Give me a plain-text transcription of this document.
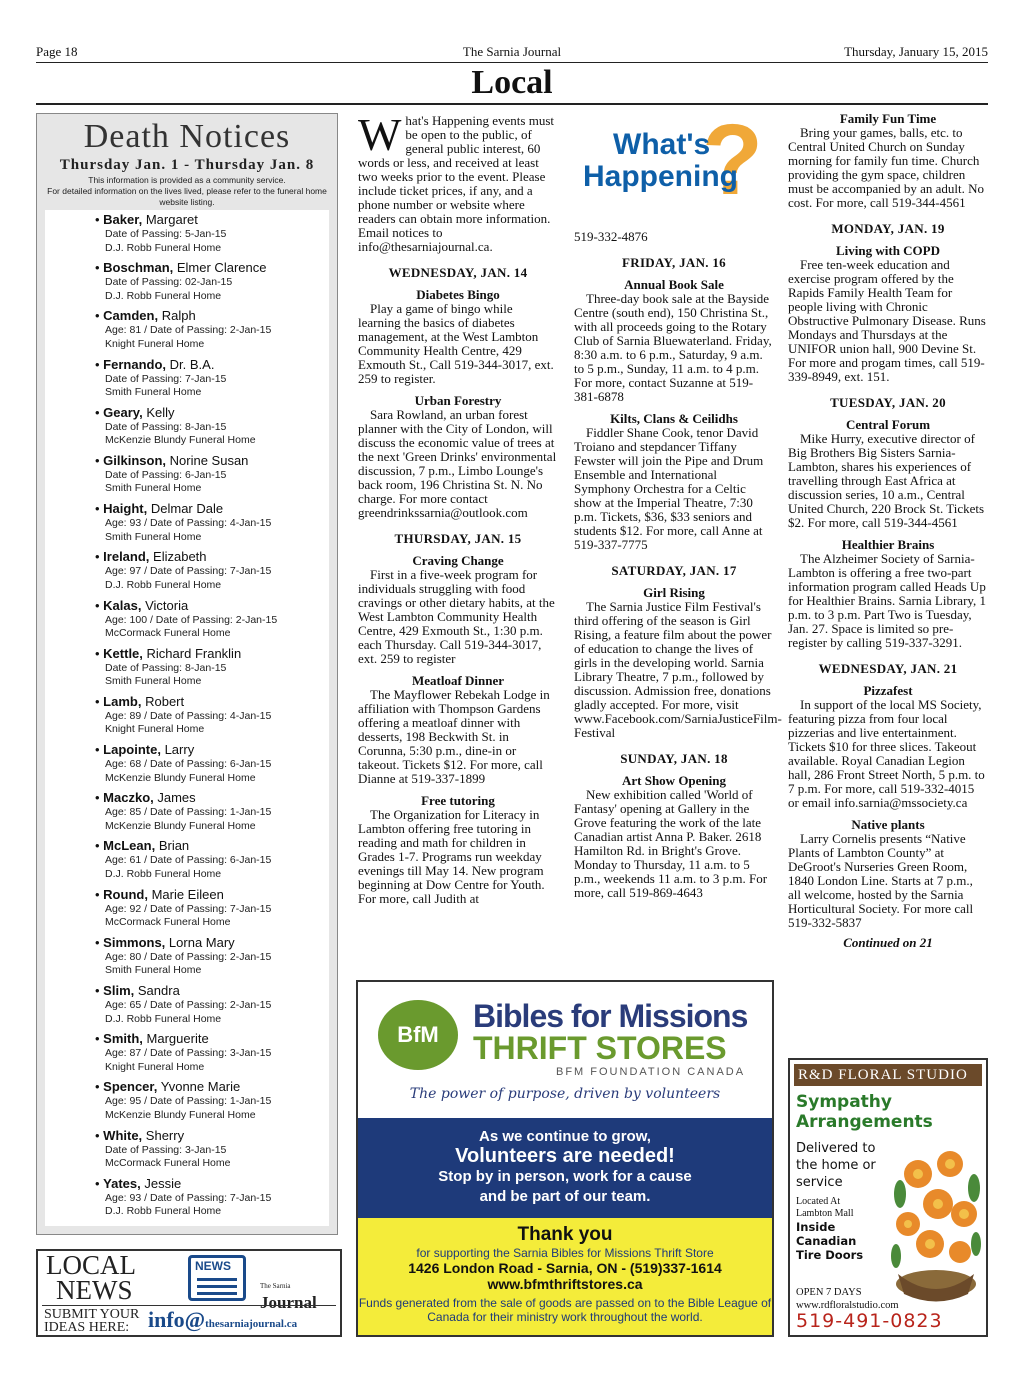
Page 18	The Sarnia Journal	Thursday, January 15, 2015
Local
Death Notices
Thursday Jan. 1 - Thursday Jan. 8
This information is provided as a community service.
For detailed information on the lives lived, please refer to the funeral home website listing.
• Baker, Margaret
Date of Passing: 5-Jan-15
D.J. Robb Funeral Home
• Boschman, Elmer Clarence
Date of Passing: 02-Jan-15
D.J. Robb Funeral Home
• Camden, Ralph
Age: 81 / Date of Passing: 2-Jan-15
Knight Funeral Home
• Fernando, Dr. B.A.
Date of Passing: 7-Jan-15
Smith Funeral Home
• Geary, Kelly
Date of Passing: 8-Jan-15
McKenzie Blundy Funeral Home
• Gilkinson, Norine Susan
Date of Passing: 6-Jan-15
Smith Funeral Home
• Haight, Delmar Dale
Age: 93 / Date of Passing: 4-Jan-15
Smith Funeral Home
• Ireland, Elizabeth
Age: 97 / Date of Passing: 7-Jan-15
D.J. Robb Funeral Home
• Kalas, Victoria
Age: 100 / Date of Passing: 2-Jan-15
McCormack Funeral Home
• Kettle, Richard Franklin
Date of Passing: 8-Jan-15
Smith Funeral Home
• Lamb, Robert
Age: 89 / Date of Passing: 4-Jan-15
Knight Funeral Home
• Lapointe, Larry
Age: 68 / Date of Passing: 6-Jan-15
McKenzie Blundy Funeral Home
• Maczko, James
Age: 85 / Date of Passing: 1-Jan-15
McKenzie Blundy Funeral Home
• McLean, Brian
Age: 61 / Date of Passing: 6-Jan-15
D.J. Robb Funeral Home
• Round, Marie Eileen
Age: 92 / Date of Passing: 7-Jan-15
McCormack Funeral Home
• Simmons, Lorna Mary
Age: 80 / Date of Passing: 2-Jan-15
Smith Funeral Home
• Slim, Sandra
Age: 65 / Date of Passing: 2-Jan-15
D.J. Robb Funeral Home
• Smith, Marguerite
Age: 87 / Date of Passing: 3-Jan-15
Knight Funeral Home
• Spencer, Yvonne Marie
Age: 95 / Date of Passing: 1-Jan-15
McKenzie Blundy Funeral Home
• White, Sherry
Date of Passing: 3-Jan-15
McCormack Funeral Home
• Yates, Jessie
Age: 93 / Date of Passing: 7-Jan-15
D.J. Robb Funeral Home
LOCAL
NEWS
NEWS
The Sarnia Journal
SUBMIT YOUR IDEAS HERE: info@thesarniajournal.ca

What's Happening events must be open to the public, of general public interest, 60 words or less, and received at least two weeks prior to the event. Please include ticket prices, if any, and a phone number or website where readers can obtain more information. Email notices to info@thesarniajournal.ca.

WEDNESDAY, JAN. 14
Diabetes Bingo

Play a game of bingo while learning the basics of diabetes management, at the West Lambton Community Health Centre, 429 Exmouth St., Call 519-344-3017, ext. 259 to register.

Urban Forestry

Sara Rowland, an urban forest planner with the City of London, will discuss the economic value of trees at the next 'Green Drinks' environmental discussion, 7 p.m., Limbo Lounge's back room, 196 Christina St. N. No charge. For more contact greendrinkssarnia@outlook.com

THURSDAY, JAN. 15
Craving Change

First in a five-week program for individuals struggling with food cravings or other dietary habits, at the West Lambton Community Health Centre, 429 Exmouth St., 1:30 p.m. each Thursday. Call 519-344-3017, ext. 259 to register

Meatloaf Dinner

The Mayflower Rebekah Lodge in affiliation with Thompson Gardens offering a meatloaf dinner with desserts, 198 Beckwith St. in Corunna, 5:30 p.m., dine-in or takeout. Tickets $12. For more, call Dianne at 519-337-1899

Free tutoring

The Organization for Literacy in Lambton offering free tutoring in reading and math for children in Grades 1-7. Programs run weekday evenings till May 14. New program beginning at Dow Centre for Youth. For more, call Judith at

?
What's
Happening

519-332-4876

FRIDAY, JAN. 16
Annual Book Sale

Three-day book sale at the Bayside Centre (south end), 150 Christina St., with all proceeds going to the Rotary Club of Sarnia Bluewaterland. Friday, 8:30 a.m. to 6 p.m., Saturday, 9 a.m. to 5 p.m., Sunday, 11 a.m. to 4 p.m. For more, contact Suzanne at 519-381-6878

Kilts, Clans & Ceilidhs

Fiddler Shane Cook, tenor David Troiano and stepdancer Tiffany Fewster will join the Pipe and Drum Ensemble and International Symphony Orchestra for a Celtic show at the Imperial Theatre, 7:30 p.m. Tickets, $36, $33 seniors and students $12. For more, call Anne at 519-337-7775

SATURDAY, JAN. 17
Girl Rising

The Sarnia Justice Film Festival's third offering of the season is Girl Rising, a feature film about the power of education to change the lives of girls in the developing world. Sarnia Library Theatre, 7 p.m., followed by discussion. Admission free, donations gladly accepted. For more, visit www.Facebook.com/SarniaJusticeFilm-Festival

SUNDAY, JAN. 18
Art Show Opening

New exhibition called 'World of Fantasy' opening at Gallery in the Grove featuring the work of the late Canadian artist Anna P. Baker. 2618 Hamilton Rd. in Bright's Grove. Monday to Thursday, 11 a.m. to 5 p.m., weekends 11 a.m. to 3 p.m. For more, call 519-869-4643

Family Fun Time

Bring your games, balls, etc. to Central United Church on Sunday morning for family fun time. Church providing the gym space, children must be accompanied by an adult. No cost. For more, call 519-344-4561

MONDAY, JAN. 19
Living with COPD

Free ten-week education and exercise program offered by the Rapids Family Health Team for people living with Chronic Obstructive Pulmonary Disease. Runs Mondays and Thursdays at the UNIFOR union hall, 900 Devine St. For more and progam times, call 519-339-8949, ext. 151.

TUESDAY, JAN. 20
Central Forum

Mike Hurry, executive director of Big Brothers Big Sisters Sarnia-Lambton, shares his experiences of travelling through East Africa at discussion series, 10 a.m., Central United Church, 220 Brock St. Tickets $2. For more, call 519-344-4561

Healthier Brains

The Alzheimer Society of Sarnia-Lambton is offering a free two-part information program called Heads Up for Healthier Brains. Sarnia Library, 1 p.m. to 3 p.m. Part Two is Tuesday, Jan. 27. Space is limited so pre-register by calling 519-337-3291.

WEDNESDAY, JAN. 21
Pizzafest

In support of the local MS Society, featuring pizza from four local pizzerias and live entertainment. Tickets $10 for three slices. Takeout available. Royal Canadian Legion hall, 286 Front Street North, 5 p.m. to 7 p.m. For more, call 519-332-4015 or email info.sarnia@mssociety.ca

Native plants

Larry Cornelis presents “Native Plants of Lambton County” at DeGroot's Nurseries Green Room, 1840 London Line. Starts at 7 p.m., all welcome, hosted by the Sarnia Horticultural Society. For more call 519-332-5837

Continued on 21
BfM
Bibles for Missions
THRIFT STORES
BFM FOUNDATION CANADA
The power of purpose, driven by volunteers
As we continue to grow,
Volunteers are needed!
Stop by in person, work for a cause
and be part of our team.
Thank you
for supporting the Sarnia Bibles for Missions Thrift Store
1426 London Road - Sarnia, ON - (519)337-1614
www.bfmthriftstores.ca
Funds generated from the sale of goods are passed on to the Bible League of Canada for their ministry work throughout the world.
R&D FLORAL STUDIO
Sympathy
Arrangements
Delivered to the home or service
Located At Lambton Mall
Inside Canadian Tire Doors
OPEN 7 DAYS
www.rdfloralstudio.com
519-491-0823
